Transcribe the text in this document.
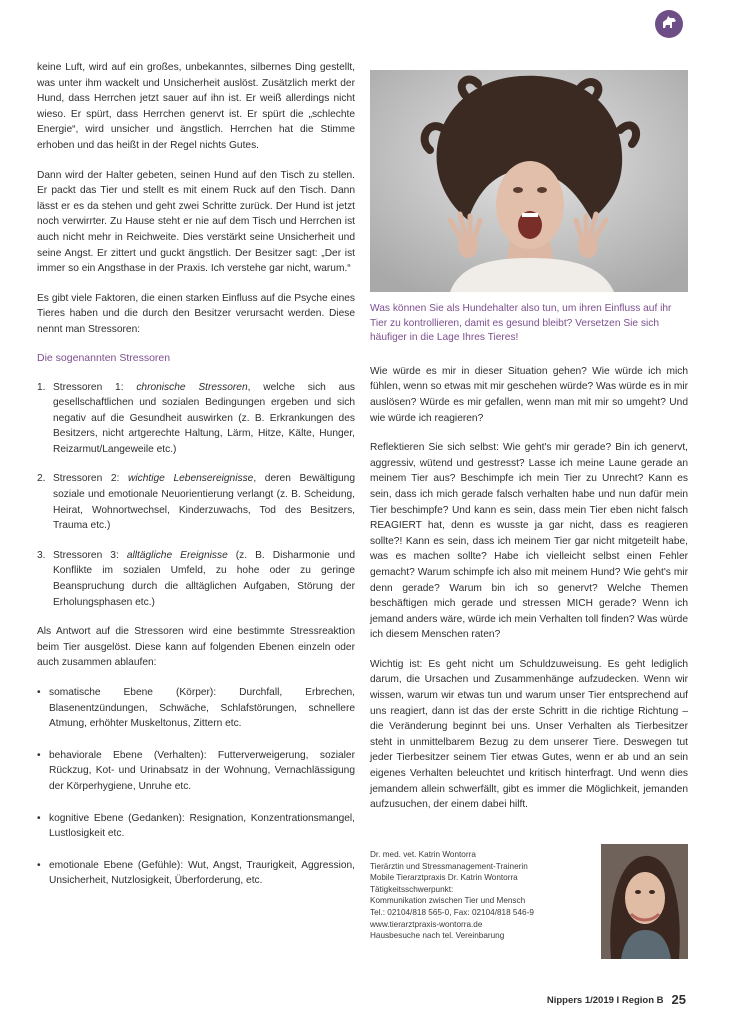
keine Luft, wird auf ein großes, unbekanntes, silbernes Ding gestellt, was unter ihm wackelt und Unsicherheit auslöst. Zusätzlich merkt der Hund, dass Herrchen jetzt sauer auf ihn ist. Er weiß allerdings nicht wieso. Er spürt, dass Herrchen genervt ist. Er spürt die „schlechte Energie“, wird unsicher und ängstlich. Herrchen hat die Stimme erhoben und das heißt in der Regel nichts Gutes.

Dann wird der Halter gebeten, seinen Hund auf den Tisch zu stellen. Er packt das Tier und stellt es mit einem Ruck auf den Tisch. Dann lässt er es da stehen und geht zwei Schritte zurück. Der Hund ist jetzt noch verwirrter. Zu Hause steht er nie auf dem Tisch und Herrchen ist auch nicht mehr in Reichweite. Dies verstärkt seine Unsicherheit und seine Angst. Er zittert und guckt ängstlich. Der Besitzer sagt: „Der ist immer so ein Angsthase in der Praxis. Ich verstehe gar nicht, warum.“

Es gibt viele Faktoren, die einen starken Einfluss auf die Psyche eines Tieres haben und die durch den Besitzer verursacht werden. Diese nennt man Stressoren:

Die sogenannten Stressoren

1. Stressoren 1: chronische Stressoren, welche sich aus gesellschaftlichen und sozialen Bedingungen ergeben und sich negativ auf die Gesundheit auswirken (z. B. Erkrankungen des Besitzers, nicht artgerechte Haltung, Lärm, Hitze, Kälte, Hunger, Reizarmut/Langeweile etc.)
2. Stressoren 2: wichtige Lebensereignisse, deren Bewältigung soziale und emotionale Neuorientierung verlangt (z. B. Scheidung, Heirat, Wohnortwechsel, Kinderzuwachs, Tod des Besitzers, Trauma etc.)
3. Stressoren 3: alltägliche Ereignisse (z. B. Disharmonie und Konflikte im sozialen Umfeld, zu hohe oder zu geringe Beanspruchung durch die alltäglichen Aufgaben, Störung der Erholungsphasen etc.)

Als Antwort auf die Stressoren wird eine bestimmte Stressreaktion beim Tier ausgelöst. Diese kann auf folgenden Ebenen einzeln oder auch zusammen ablaufen:

• somatische Ebene (Körper): Durchfall, Erbrechen, Blasenentzündungen, Schwäche, Schlafstörungen, schnellere Atmung, erhöhter Muskeltonus, Zittern etc.
• behaviorale Ebene (Verhalten): Futterverweigerung, sozialer Rückzug, Kot- und Urinabsatz in der Wohnung, Vernachlässigung der Körperhygiene, Unruhe etc.
• kognitive Ebene (Gedanken): Resignation, Konzentrationsmangel, Lustlosigkeit etc.
• emotionale Ebene (Gefühle): Wut, Angst, Traurigkeit, Aggression, Unsicherheit, Nutzlosigkeit, Überforderung, etc.

Was können Sie als Hundehalter also tun, um ihren Einfluss auf ihr Tier zu kontrollieren, damit es gesund bleibt? Versetzen Sie sich häufiger in die Lage Ihres Tieres!

Wie würde es mir in dieser Situation gehen? Wie würde ich mich fühlen, wenn so etwas mit mir geschehen würde? Was würde es in mir auslösen? Würde es mir gefallen, wenn man mit mir so umgeht? Und wie würde ich reagieren?

Reflektieren Sie sich selbst: Wie geht's mir gerade? Bin ich genervt, aggressiv, wütend und gestresst? Lasse ich meine Laune gerade an meinem Tier aus? Beschimpfe ich mein Tier zu Unrecht? Kann es sein, dass ich mich gerade falsch verhalten habe und nun dafür mein Tier beschimpfe? Und kann es sein, dass mein Tier eben nicht falsch REAGIERT hat, denn es wusste ja gar nicht, dass es reagieren sollte?! Kann es sein, dass ich meinem Tier gar nicht mitgeteilt habe, was es machen sollte? Habe ich vielleicht selbst einen Fehler gemacht? Warum schimpfe ich also mit meinem Hund? Wie geht's mir denn gerade? Warum bin ich so genervt? Welche Themen beschäftigen mich gerade und stressen MICH gerade? Wenn ich jemand anders wäre, würde ich mein Verhalten toll finden? Was würde ich diesem Menschen raten?

Wichtig ist: Es geht nicht um Schuldzuweisung. Es geht lediglich darum, die Ursachen und Zusammenhänge aufzudecken. Wenn wir wissen, warum wir etwas tun und warum unser Tier entsprechend auf uns reagiert, dann ist das der erste Schritt in die richtige Richtung – die Veränderung beginnt bei uns. Unser Verhalten als Tierbesitzer steht in unmittelbarem Bezug zu dem unserer Tiere. Deswegen tut jeder Tierbesitzer seinem Tier etwas Gutes, wenn er ab und an sein eigenes Verhalten beleuchtet und kritisch hinterfragt. Und wenn dies jemandem allein schwerfällt, gibt es immer die Möglichkeit, jemanden aufzusuchen, der einem dabei hilft.

Dr. med. vet. Katrin Wontorra
Tierärztin und Stressmanagement-Trainerin
Mobile Tierarztpraxis Dr. Katrin Wontorra
Tätigkeitsschwerpunkt:
Kommunikation zwischen Tier und Mensch
Tel.: 02104/818 565-0, Fax: 02104/818 546-9
www.tierarztpraxis-wontorra.de
Hausbesuche nach tel. Vereinbarung
Nippers 1/2019 I Region B 25
